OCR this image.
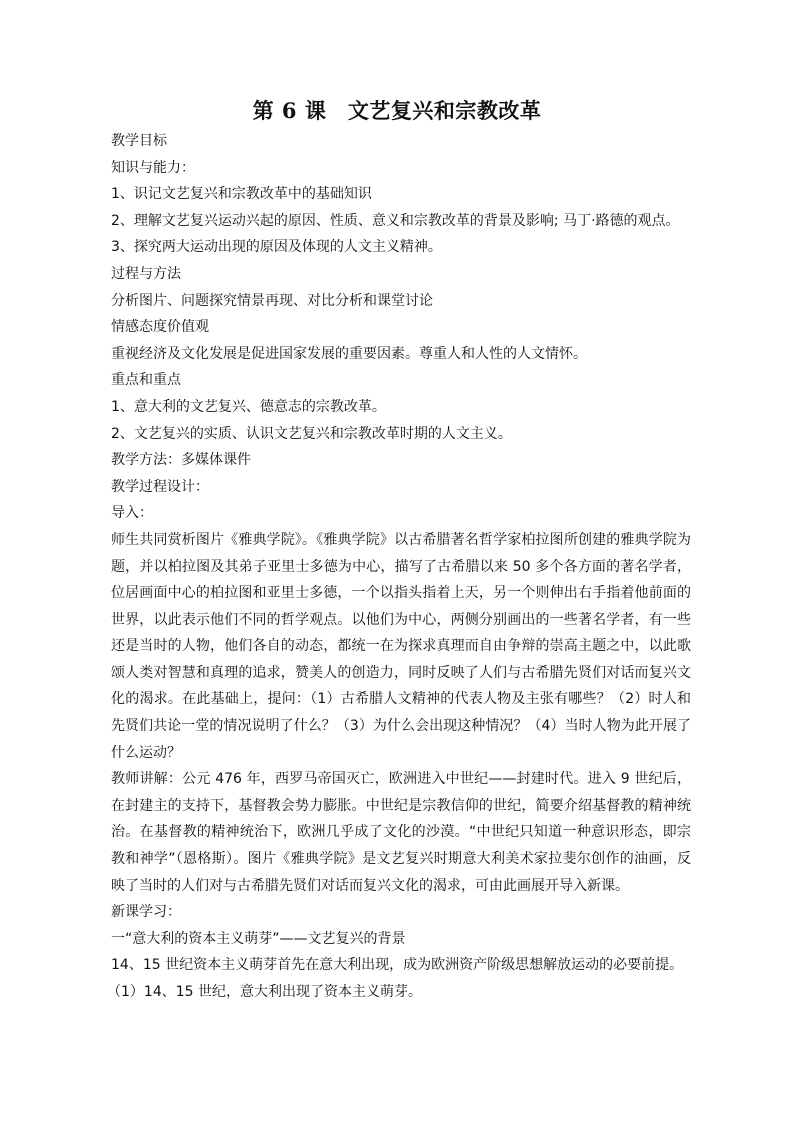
第 6 课　文艺复兴和宗教改革

教学目标

知识与能力：

1、识记文艺复兴和宗教改革中的基础知识

2、理解文艺复兴运动兴起的原因、性质、意义和宗教改革的背景及影响; 马丁·路德的观点。

3、探究两大运动出现的原因及体现的人文主义精神。

过程与方法

分析图片、问题探究情景再现、对比分析和课堂讨论

情感态度价值观

重视经济及文化发展是促进国家发展的重要因素。尊重人和人性的人文情怀。

重点和重点

1、意大利的文艺复兴、德意志的宗教改革。

2、文艺复兴的实质、认识文艺复兴和宗教改革时期的人文主义。

教学方法：多媒体课件

教学过程设计：

导入：

师生共同赏析图片《雅典学院》。《雅典学院》以古希腊著名哲学家柏拉图所创建的雅典学院为题，并以柏拉图及其弟子亚里士多德为中心，描写了古希腊以来 50 多个各方面的著名学者，位居画面中心的柏拉图和亚里士多德，一个以指头指着上天，另一个则伸出右手指着他前面的世界，以此表示他们不同的哲学观点。以他们为中心，两侧分别画出的一些著名学者，有一些还是当时的人物，他们各自的动态，都统一在为探求真理而自由争辩的崇高主题之中，以此歌颂人类对智慧和真理的追求，赞美人的创造力，同时反映了人们与古希腊先贤们对话而复兴文化的渴求。在此基础上，提问：（1）古希腊人文精神的代表人物及主张有哪些？（2）时人和先贤们共论一堂的情况说明了什么？（3）为什么会出现这种情况？（4）当时人物为此开展了什么运动？

教师讲解：公元 476 年，西罗马帝国灭亡，欧洲进入中世纪——封建时代。进入 9 世纪后，在封建主的支持下，基督教会势力膨胀。中世纪是宗教信仰的世纪，简要介绍基督教的精神统治。在基督教的精神统治下，欧洲几乎成了文化的沙漠。“中世纪只知道一种意识形态，即宗教和神学”（恩格斯）。图片《雅典学院》是文艺复兴时期意大利美术家拉斐尔创作的油画，反映了当时的人们对与古希腊先贤们对话而复兴文化的渴求，可由此画展开导入新课。

新课学习：

一“意大利的资本主义萌芽”——文艺复兴的背景

14、15 世纪资本主义萌芽首先在意大利出现，成为欧洲资产阶级思想解放运动的必要前提。

（1）14、15 世纪，意大利出现了资本主义萌芽。
